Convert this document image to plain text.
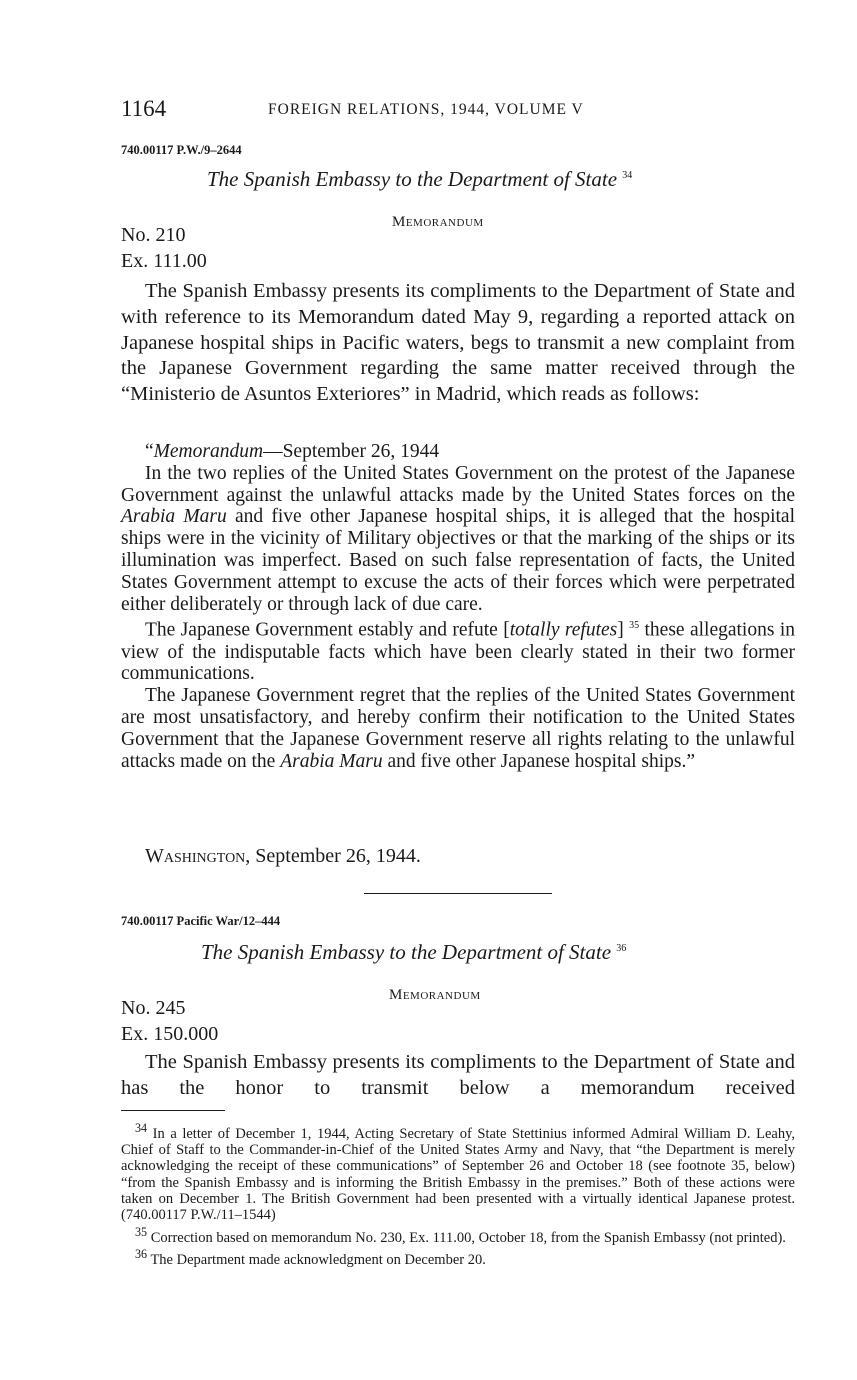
1164	FOREIGN RELATIONS, 1944, VOLUME V
740.00117 P.W./9–2644
The Spanish Embassy to the Department of State $^{34}$
Memorandum
No. 210
Ex. 111.00
The Spanish Embassy presents its compliments to the Department of State and with reference to its Memorandum dated May 9, regarding a reported attack on Japanese hospital ships in Pacific waters, begs to transmit a new complaint from the Japanese Government regarding the same matter received through the “Ministerio de Asuntos Exteriores” in Madrid, which reads as follows:

“Memorandum—September 26, 1944

In the two replies of the United States Government on the protest of the Japanese Government against the unlawful attacks made by the United States forces on the Arabia Maru and five other Japanese hospital ships, it is alleged that the hospital ships were in the vicinity of Military objectives or that the marking of the ships or its illumination was imperfect. Based on such false representation of facts, the United States Government attempt to excuse the acts of their forces which were perpetrated either deliberately or through lack of due care.

The Japanese Government estably and refute [totally refutes] $^{35}$ these allegations in view of the indisputable facts which have been clearly stated in their two former communications.

The Japanese Government regret that the replies of the United States Government are most unsatisfactory, and hereby confirm their notification to the United States Government that the Japanese Government reserve all rights relating to the unlawful attacks made on the Arabia Maru and five other Japanese hospital ships.”

Washington, September 26, 1944.
740.00117 Pacific War/12–444
The Spanish Embassy to the Department of State $^{36}$
Memorandum
No. 245
Ex. 150.000
The Spanish Embassy presents its compliments to the Department of State and has the honor to transmit below a memorandum received

$^{34}$ In a letter of December 1, 1944, Acting Secretary of State Stettinius informed Admiral William D. Leahy, Chief of Staff to the Commander-in-Chief of the United States Army and Navy, that “the Department is merely acknowledging the receipt of these communications” of September 26 and October 18 (see footnote 35, below) “from the Spanish Embassy and is informing the British Embassy in the premises.” Both of these actions were taken on December 1. The British Government had been presented with a virtually identical Japanese protest. (740.00117 P.W./11–1544)

$^{35}$ Correction based on memorandum No. 230, Ex. 111.00, October 18, from the Spanish Embassy (not printed).

$^{36}$ The Department made acknowledgment on December 20.
